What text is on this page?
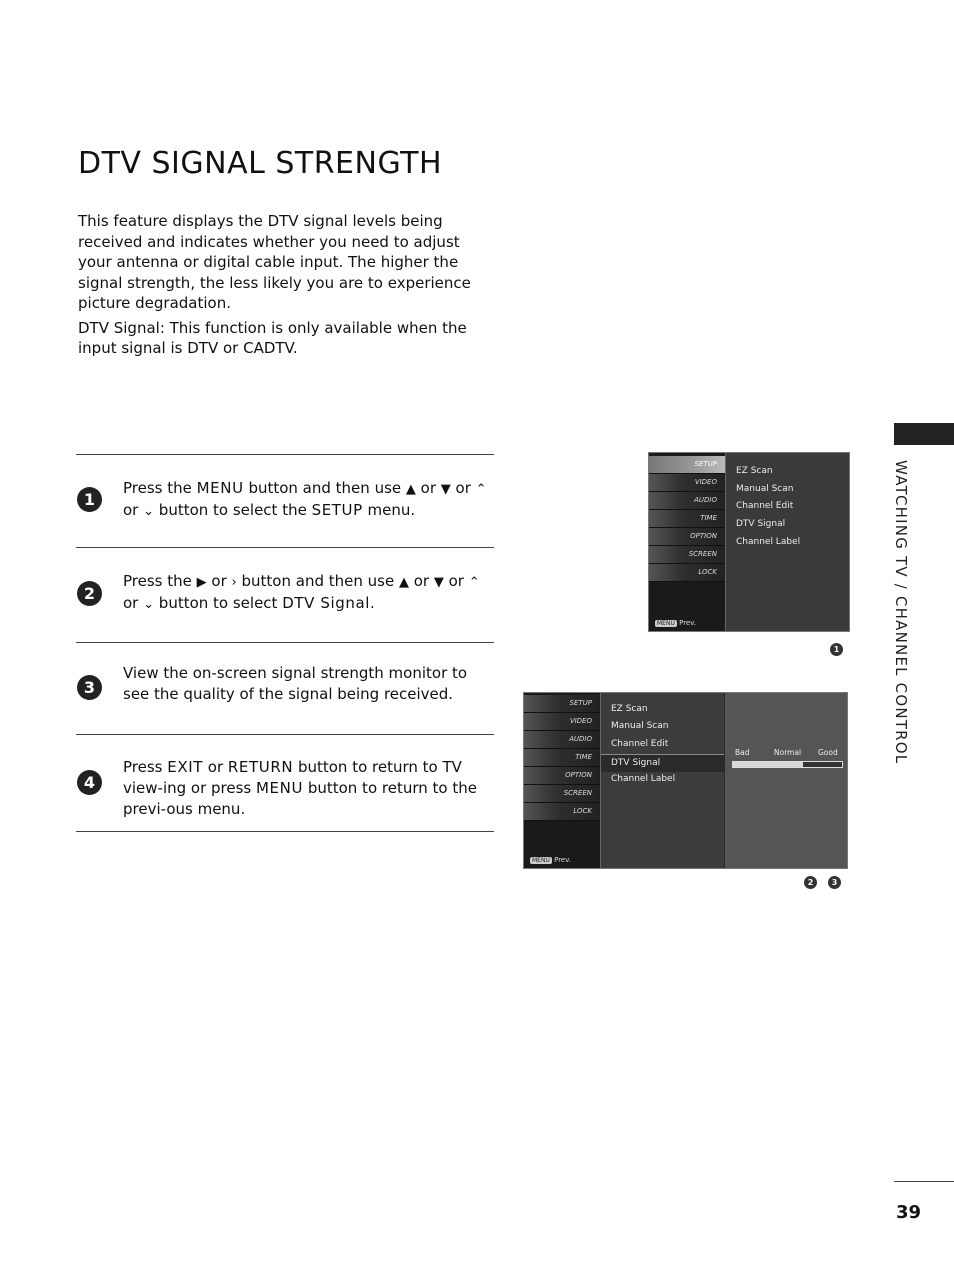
DTV SIGNAL STRENGTH

This feature displays the DTV signal levels being received and indicates whether you need to adjust your antenna or digital cable input. The higher the signal strength, the less likely you are to experience picture degradation.

DTV Signal: This function is only available when the input signal is DTV or CADTV.

1
Press the MENU button and then use ▲ or ▼ or ⌃ or ⌄ button to select the SETUP menu.
2
Press the ▶ or › button and then use ▲ or ▼ or ⌃ or ⌄ button to select DTV Signal.
3
View the on-screen signal strength monitor to see the quality of the signal being received.
4
Press EXIT or RETURN button to return to TV view-ing or press MENU button to return to the previ-ous menu.
SETUP
VIDEO
AUDIO
TIME
OPTION
SCREEN
LOCK
MENU Prev.
EZ Scan
Manual Scan
Channel Edit
DTV Signal
Channel Label
1
SETUP
VIDEO
AUDIO
TIME
OPTION
SCREEN
LOCK
MENU Prev.
EZ Scan
Manual Scan
Channel Edit
DTV Signal
Channel Label
Bad	Normal Good
2	3
WATCHING TV / CHANNEL CONTROL
39
